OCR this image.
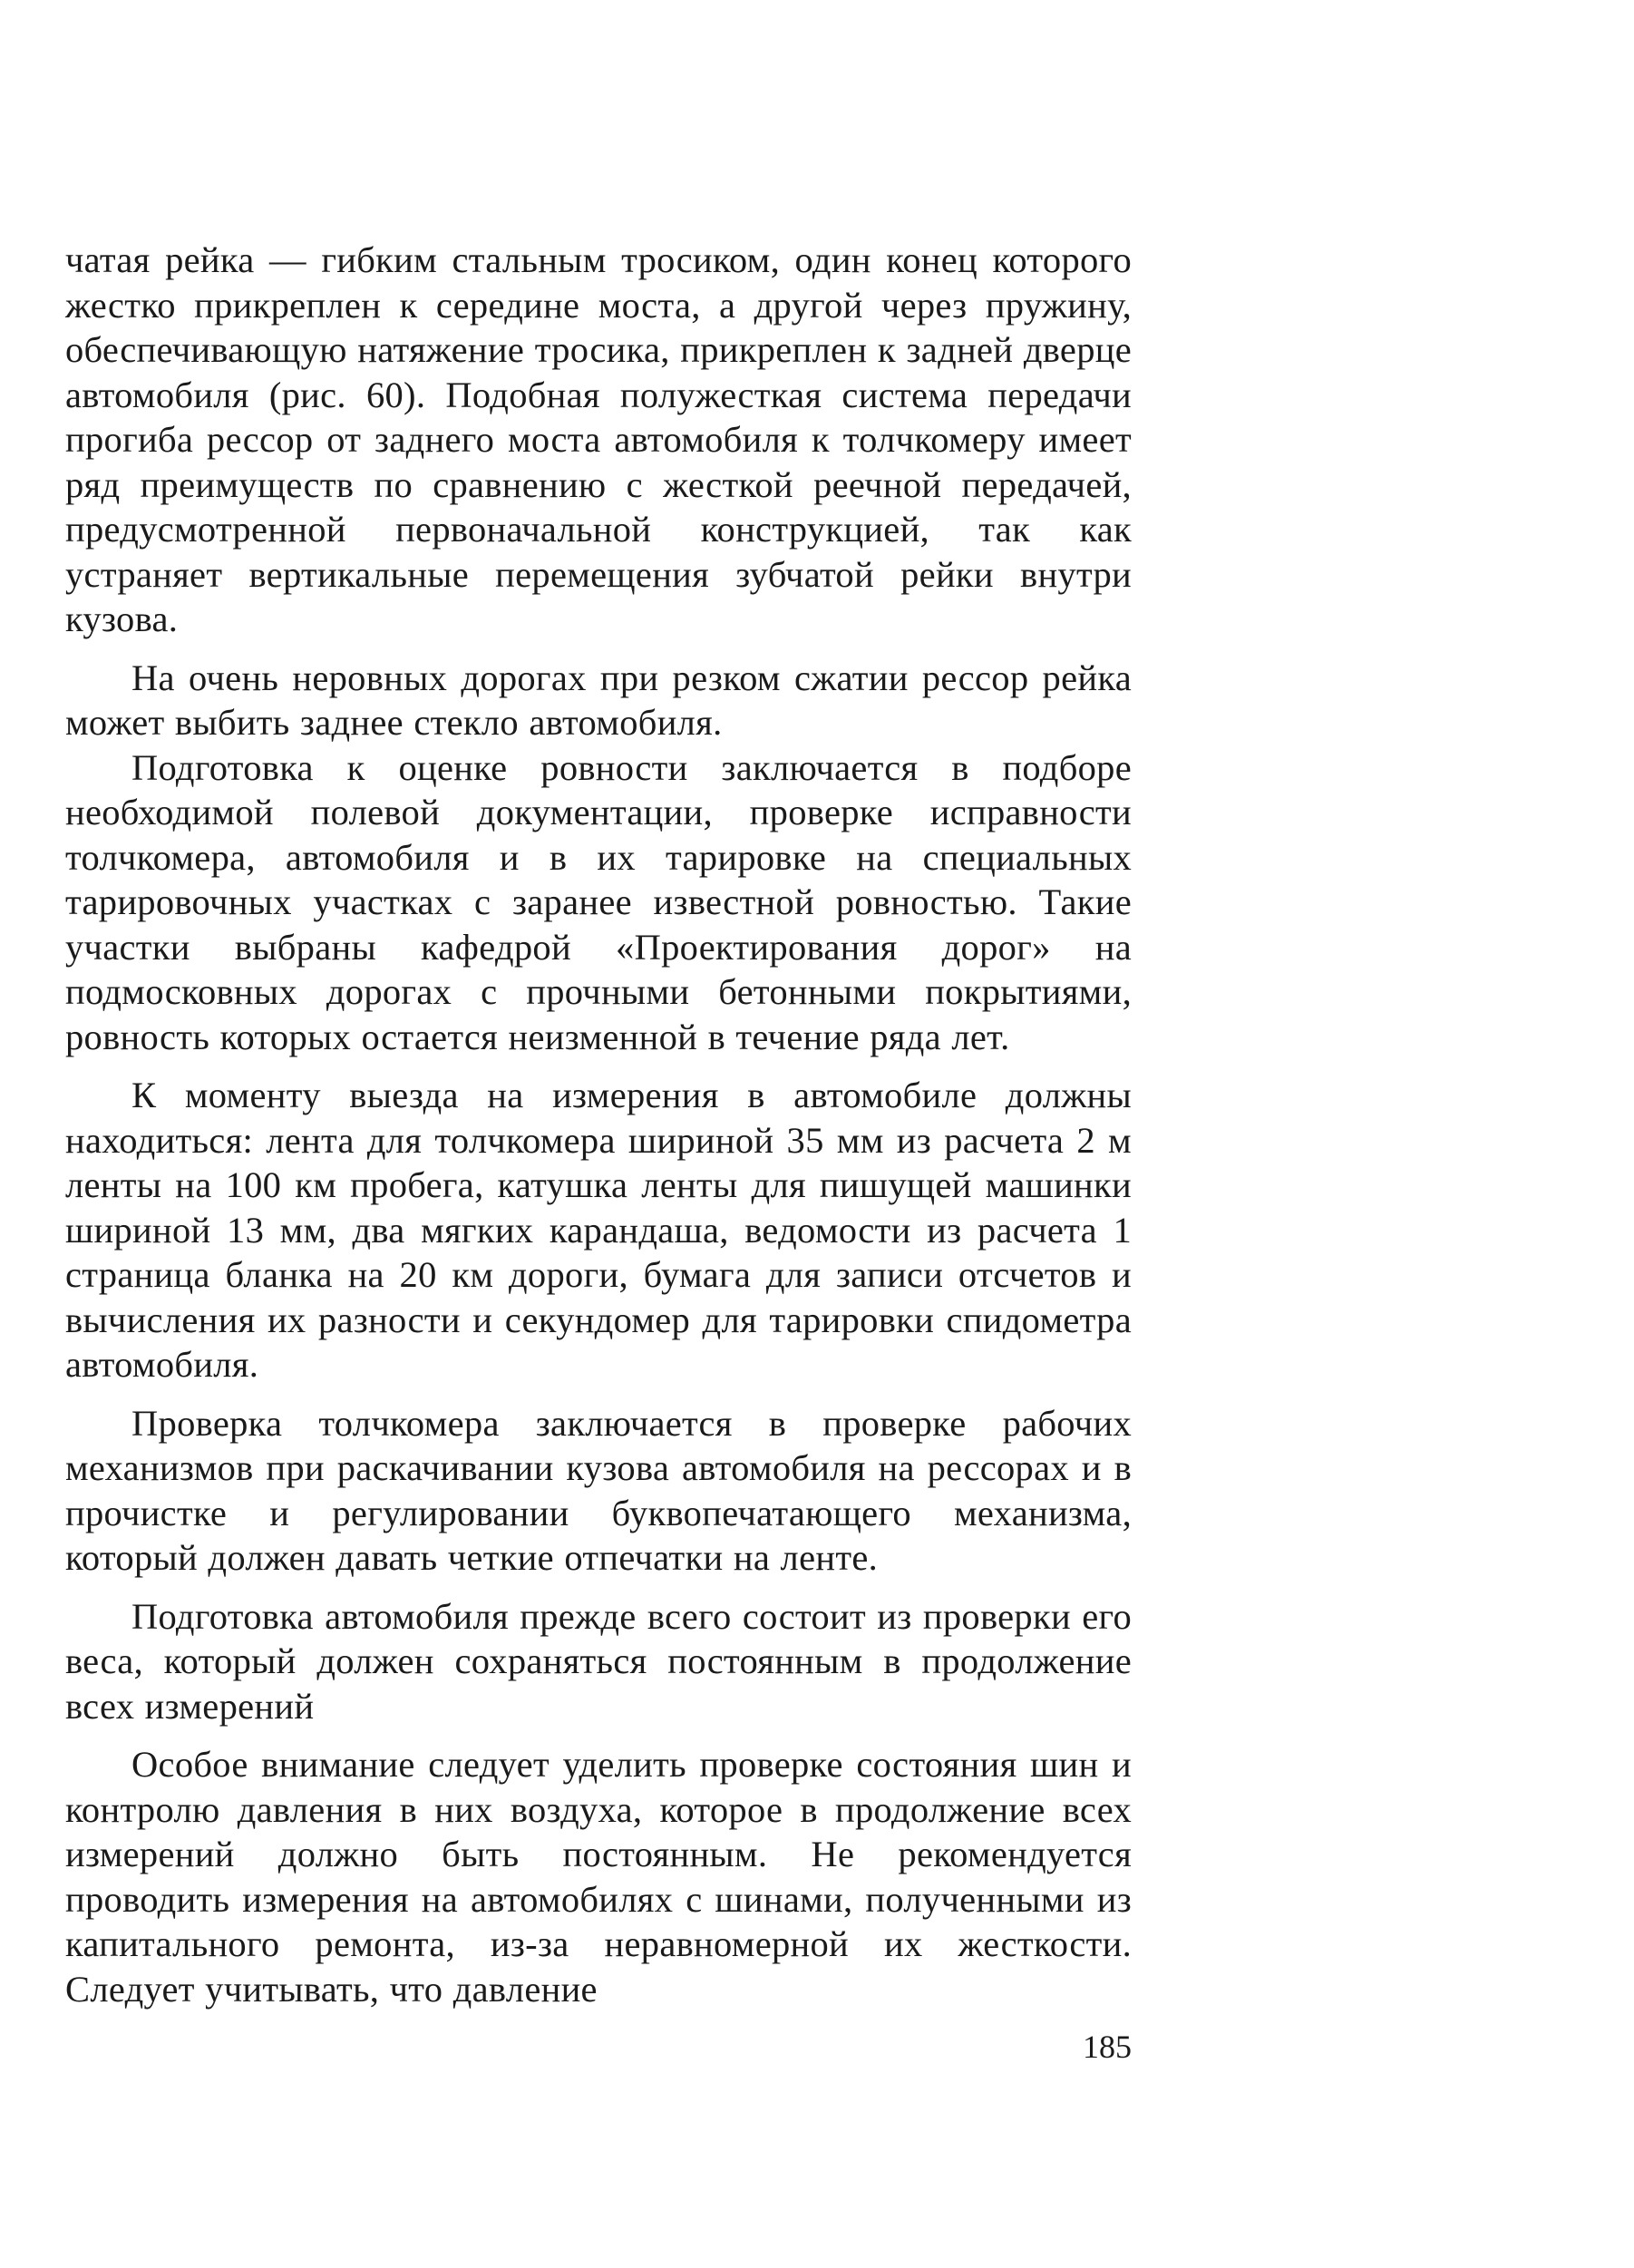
чатая рейка — гибким стальным тросиком, один конец которого жестко прикреплен к середине моста, а другой через пружину, обеспечивающую натяжение тросика, прикреплен к задней дверце автомобиля (рис. 60). Подобная полужесткая система передачи прогиба рессор от заднего моста автомобиля к толчкомеру имеет ряд преимуществ по сравнению с жесткой реечной передачей, предусмотренной первоначальной конструкцией, так как устраняет вертикальные перемещения зубчатой рейки внутри кузова.

На очень неровных дорогах при резком сжатии рессор рейка может выбить заднее стекло автомобиля.

Подготовка к оценке ровности заключается в подборе необходимой полевой документации, проверке исправности толчкомера, автомобиля и в их тарировке на специальных тарировочных участках с заранее известной ровностью. Такие участки выбраны кафедрой «Проектирования дорог» на подмосковных дорогах с прочными бетонными покрытиями, ровность которых остается неизменной в течение ряда лет.

К моменту выезда на измерения в автомобиле должны находиться: лента для толчкомера шириной 35 мм из расчета 2 м ленты на 100 км пробега, катушка ленты для пишущей машинки шириной 13 мм, два мягких карандаша, ведомости из расчета 1 страница бланка на 20 км дороги, бумага для записи отсчетов и вычисления их разности и секундомер для тарировки спидометра автомобиля.

Проверка толчкомера заключается в проверке рабочих механизмов при раскачивании кузова автомобиля на рессорах и в прочистке и регулировании буквопечатающего механизма, который должен давать четкие отпечатки на ленте.

Подготовка автомобиля прежде всего состоит из проверки его веса, который должен сохраняться постоянным в продолжение всех измерений

Особое внимание следует уделить проверке состояния шин и контролю давления в них воздуха, которое в продолжение всех измерений должно быть постоянным. Не рекомендуется проводить измерения на автомобилях с шинами, полученными из капитального ремонта, из-за неравномерной их жесткости. Следует учитывать, что давление

185
